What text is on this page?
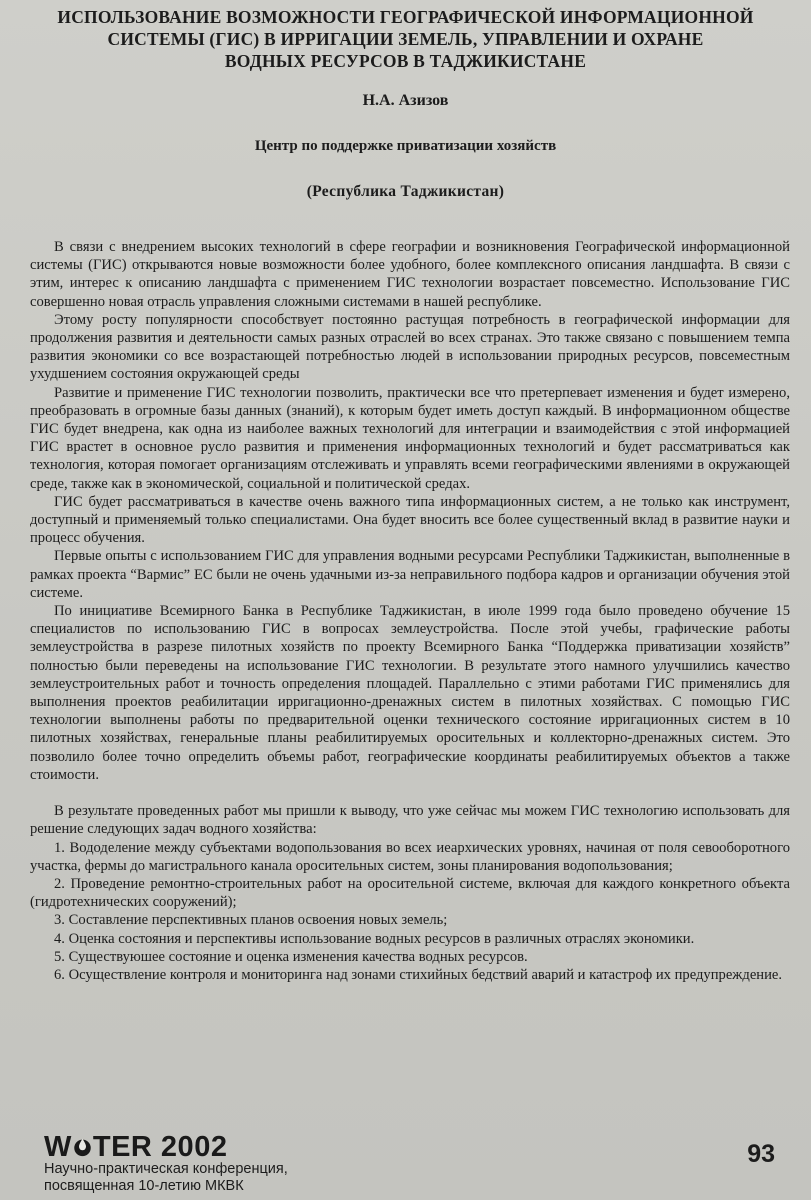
ИСПОЛЬЗОВАНИЕ ВОЗМОЖНОСТИ ГЕОГРАФИЧЕСКОЙ ИНФОРМАЦИОННОЙ
СИСТЕМЫ (ГИС) В ИРРИГАЦИИ ЗЕМЕЛЬ, УПРАВЛЕНИИ И ОХРАНЕ
ВОДНЫХ РЕСУРСОВ В ТАДЖИКИСТАНЕ
Н.А. Азизов
Центр по поддержке приватизации хозяйств
(Республика Таджикистан)

В связи с внедрением высоких технологий в сфере географии и возникновения Географической информационной системы (ГИС) открываются новые возможности более удобного, более комплексного описания ландшафта. В связи с этим, интерес к описанию ландшафта с применением ГИС технологии возрастает повсеместно. Использование ГИС совершенно новая отрасль управления сложными системами в нашей республике.

Этому росту популярности способствует постоянно растущая потребность в географической информации для продолжения развития и деятельности самых разных отраслей во всех странах. Это также связано с повышением темпа развития экономики со все возрастающей потребностью людей в использовании природных ресурсов, повсеместным ухудшением состояния окружающей среды

Развитие и применение ГИС технологии позволить, практически все что претерпевает изменения и будет измерено, преобразовать в огромные базы данных (знаний), к которым будет иметь доступ каждый. В информационном обществе ГИС будет внедрена, как одна из наиболее важных технологий для интеграции и взаимодействия с этой информацией ГИС врастет в основное русло развития и применения информационных технологий и будет рассматриваться как технология, которая помогает организациям отслеживать и управлять всеми географическими явлениями в окружающей среде, также как в экономической, социальной и политической средах.

ГИС будет рассматриваться в качестве очень важного типа информационных систем, а не только как инструмент, доступный и применяемый только специалистами. Она будет вносить все более существенный вклад в развитие науки и процесс обучения.

Первые опыты с использованием ГИС для управления водными ресурсами Республики Таджикистан, выполненные в рамках проекта “Вармис” ЕС были не очень удачными из-за неправильного подбора кадров и организации обучения этой системе.

По инициативе Всемирного Банка в Республике Таджикистан, в июле 1999 года было проведено обучение 15 специалистов по использованию ГИС в вопросах землеустройства. После этой учебы, графические работы землеустройства в разрезе пилотных хозяйств по проекту Всемирного Банка “Поддержка приватизации хозяйств” полностью были переведены на использование ГИС технологии. В результате этого намного улучшились качество землеустроительных работ и точность определения площадей. Параллельно с этими работами ГИС применялись для выполнения проектов реабилитации ирригационно-дренажных систем в пилотных хозяйствах. С помощью ГИС технологии выполнены работы по предварительной оценки технического состояние ирригационных систем в 10 пилотных хозяйствах, генеральные планы реабилитируемых оросительных и коллекторно-дренажных систем. Это позволило более точно определить объемы работ, географические координаты реабилитируемых объектов а также стоимости.

В результате проведенных работ мы пришли к выводу, что уже сейчас мы можем ГИС технологию использовать для решение следующих задач водного хозяйства:

1. Вододеление между субъектами водопользования во всех иеархических уровнях, начиная от поля севооборотного участка, фермы до магистрального канала оросительных систем, зоны планирования водопользования;
2. Проведение ремонтно-строительных работ на оросительной системе, включая для каждого конкретного объекта (гидротехнических сооружений);
3. Составление перспективных планов освоения новых земель;
4. Оценка состояния и перспективы использование водных ресурсов в различных отраслях экономики.
5. Существуюшее состояние и оценка изменения качества водных ресурсов.
6. Осуществление контроля и мониторинга над зонами стихийных бедствий аварий и катастроф их предупреждение.
W TER 2002
Научно-практическая конференция,
посвященная 10-летию МКВК
93
